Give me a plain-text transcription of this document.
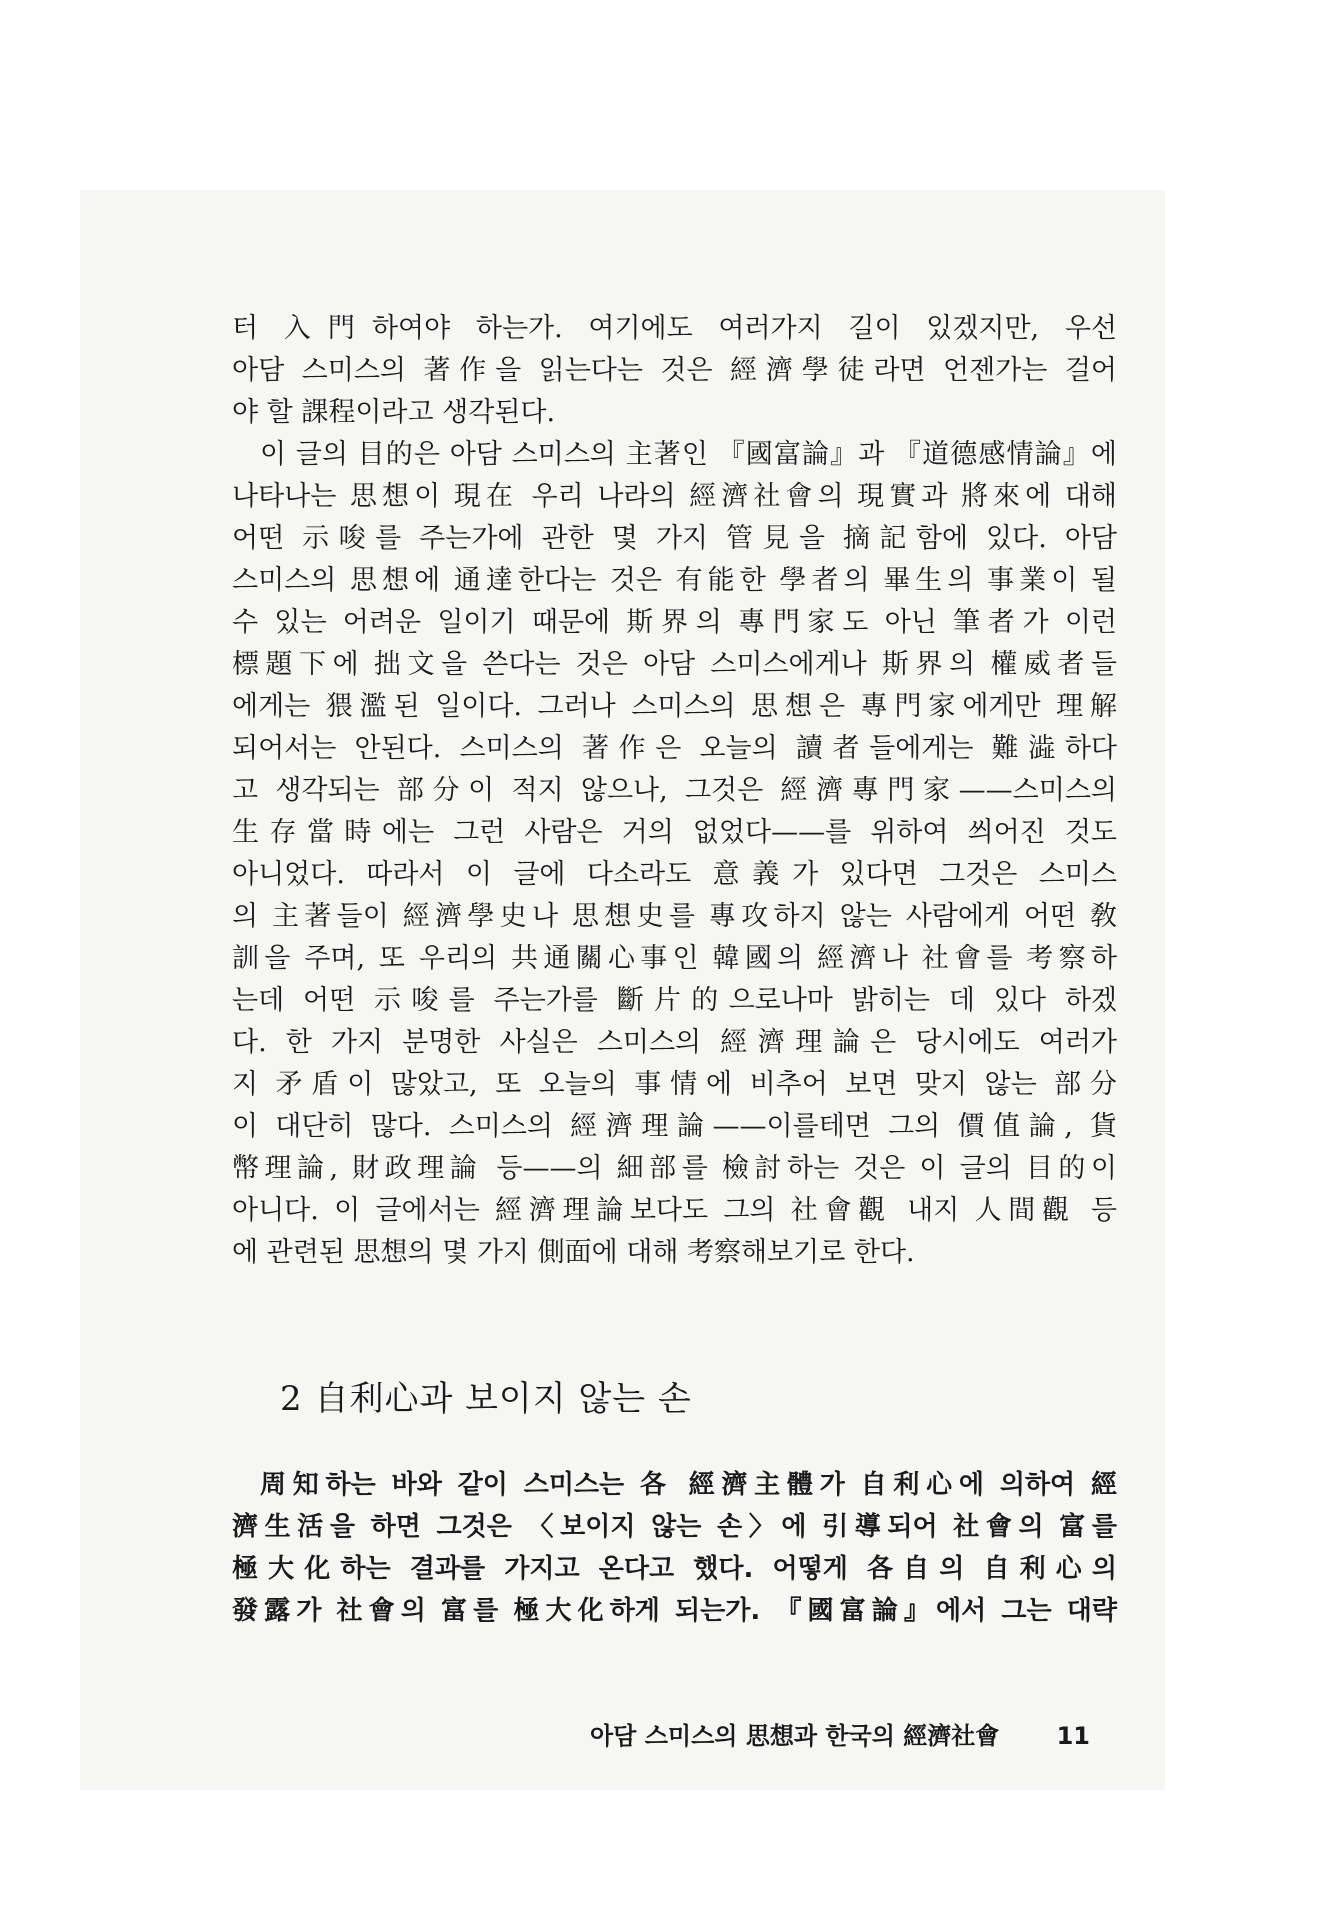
터 入門하여야 하는가. 여기에도 여러가지 길이 있겠지만, 우선
아담 스미스의 著作을 읽는다는 것은 經濟學徒라면 언젠가는 걸어
야 할 課程이라고 생각된다.
이 글의 目的은 아담 스미스의 主著인 『國富論』과 『道德感情論』에
나타나는 思想이 現在 우리 나라의 經濟社會의 現實과 將來에 대해
어떤 示唆를 주는가에 관한 몇 가지 管見을 摘記함에 있다. 아담
스미스의 思想에 通達한다는 것은 有能한 學者의 畢生의 事業이 될
수 있는 어려운 일이기 때문에 斯界의 專門家도 아닌 筆者가 이런
標題下에 拙文을 쓴다는 것은 아담 스미스에게나 斯界의 權威者들
에게는 猥濫된 일이다. 그러나 스미스의 思想은 專門家에게만 理解
되어서는 안된다. 스미스의 著作은 오늘의 讀者들에게는 難澁하다
고 생각되는 部分이 적지 않으나, 그것은 經濟專門家——스미스의
生存當時에는 그런 사람은 거의 없었다——를 위하여 씌어진 것도
아니었다. 따라서 이 글에 다소라도 意義가 있다면 그것은 스미스
의 主著들이 經濟學史나 思想史를 專攻하지 않는 사람에게 어떤 敎
訓을 주며, 또 우리의 共通關心事인 韓國의 經濟나 社會를 考察하
는데 어떤 示唆를 주는가를 斷片的으로나마 밝히는 데 있다 하겠
다. 한 가지 분명한 사실은 스미스의 經濟理論은 당시에도 여러가
지 矛盾이 많았고, 또 오늘의 事情에 비추어 보면 맞지 않는 部分
이 대단히 많다. 스미스의 經濟理論——이를테면 그의 價值論, 貨
幣理論, 財政理論 등——의 細部를 檢討하는 것은 이 글의 目的이
아니다. 이 글에서는 經濟理論보다도 그의 社會觀 내지 人間觀 등
에 관련된 思想의 몇 가지 側面에 대해 考察해보기로 한다.
2 自利心과 보이지 않는 손
周知하는 바와 같이 스미스는 各 經濟主體가 自利心에 의하여 經
濟生活을 하면 그것은 〈보이지 않는 손〉에 引導되어 社會의 富를
極大化하는 결과를 가지고 온다고 했다. 어떻게 各自의 自利心의
發露가 社會의 富를 極大化하게 되는가. 『國富論』에서 그는 대략
아담 스미스의 思想과 한국의 經濟社會 11
